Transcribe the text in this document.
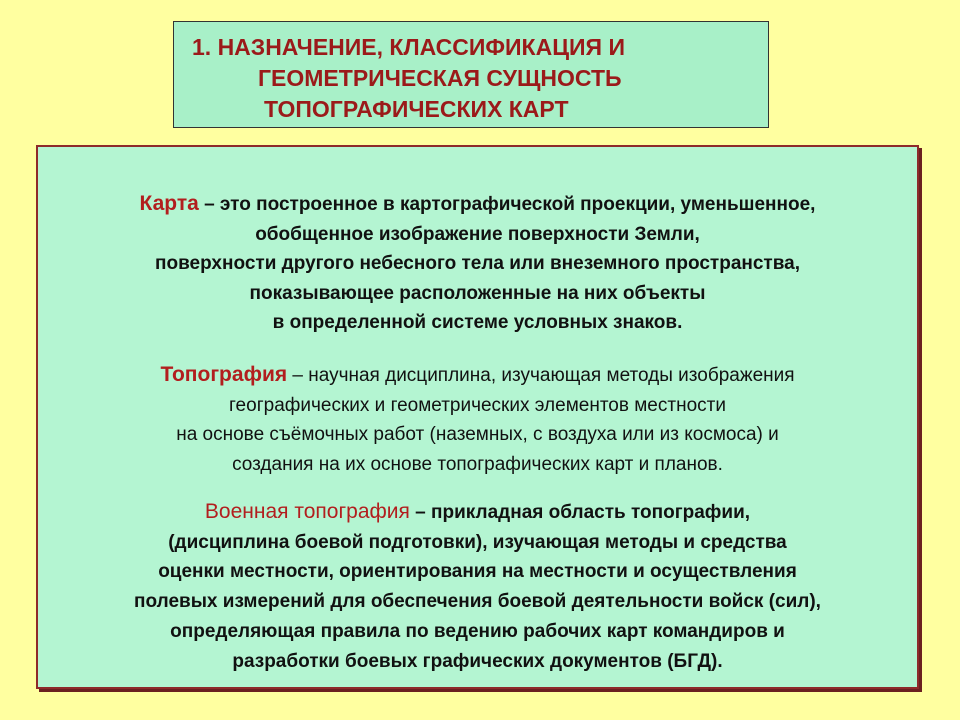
1. НАЗНАЧЕНИЕ, КЛАССИФИКАЦИЯ И
ГЕОМЕТРИЧЕСКАЯ СУЩНОСТЬ
ТОПОГРАФИЧЕСКИХ КАРТ
Карта – это построенное в картографической проекции, уменьшенное,
обобщенное изображение поверхности Земли,
поверхности другого небесного тела или внеземного пространства,
показывающее расположенные на них объекты
в определенной системе условных знаков.
Топография – научная дисциплина, изучающая методы изображения
географических и геометрических элементов местности
на основе съёмочных работ (наземных, с воздуха или из космоса) и
создания на их основе топографических карт и планов.
Военная топография – прикладная область топографии,
(дисциплина боевой подготовки), изучающая методы и средства
оценки местности, ориентирования на местности и осуществления
полевых измерений для обеспечения боевой деятельности войск (сил),
определяющая правила по ведению рабочих карт командиров и
разработки боевых графических документов (БГД).
